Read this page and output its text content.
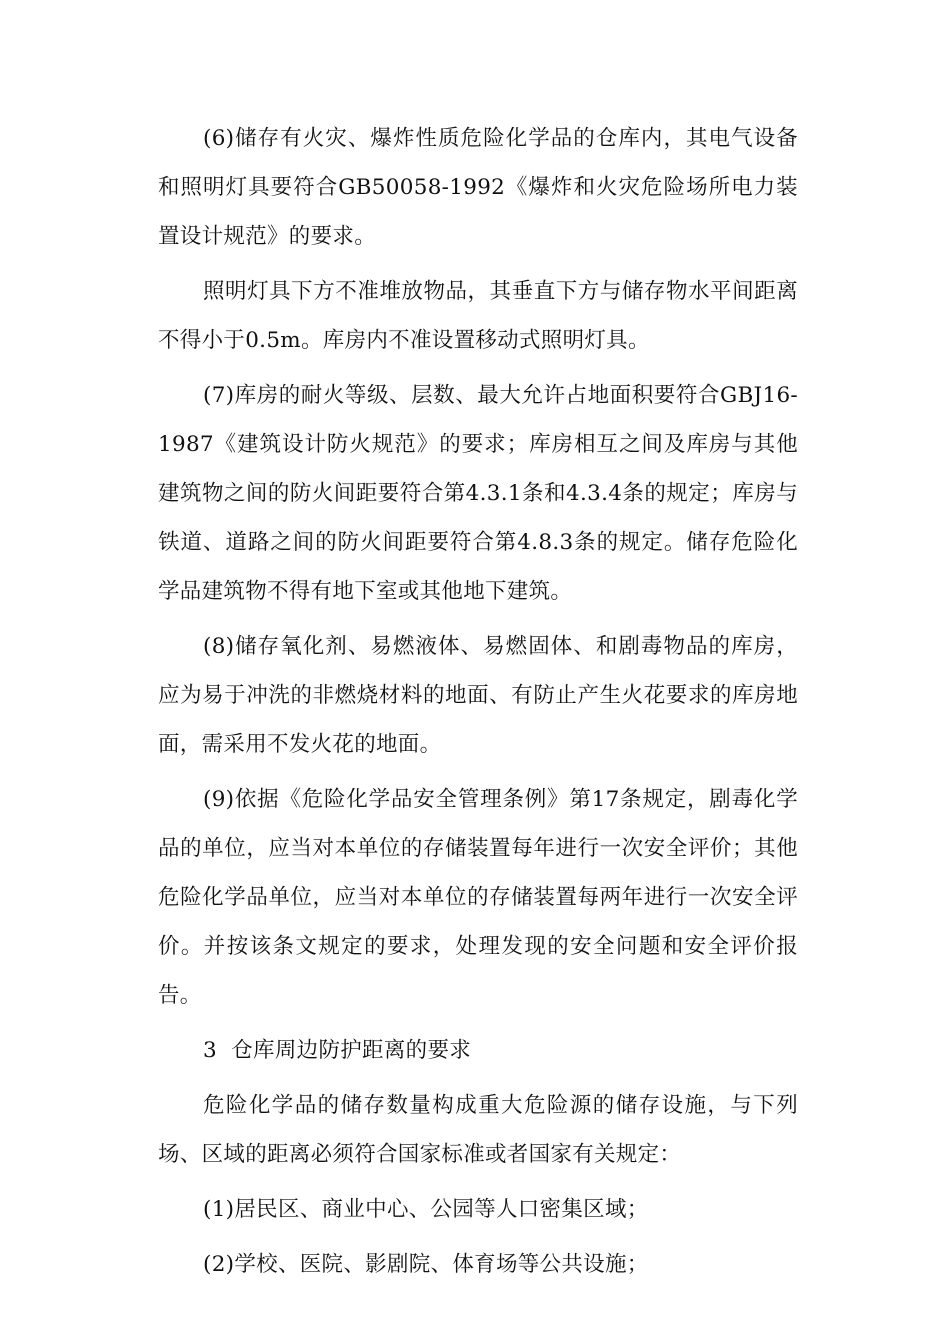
(6)储存有火灾、爆炸性质危险化学品的仓库内，其电气设备和照明灯具要符合GB50058-1992《爆炸和火灾危险场所电力装置设计规范》的要求。

照明灯具下方不准堆放物品，其垂直下方与储存物水平间距离不得小于0.5m。库房内不准设置移动式照明灯具。

(7)库房的耐火等级、层数、最大允许占地面积要符合GBJ16-1987《建筑设计防火规范》的要求；库房相互之间及库房与其他建筑物之间的防火间距要符合第4.3.1条和4.3.4条的规定；库房与铁道、道路之间的防火间距要符合第4.8.3条的规定。储存危险化学品建筑物不得有地下室或其他地下建筑。

(8)储存氧化剂、易燃液体、易燃固体、和剧毒物品的库房，应为易于冲洗的非燃烧材料的地面、有防止产生火花要求的库房地面，需采用不发火花的地面。

(9)依据《危险化学品安全管理条例》第17条规定，剧毒化学品的单位，应当对本单位的存储装置每年进行一次安全评价；其他危险化学品单位，应当对本单位的存储装置每两年进行一次安全评价。并按该条文规定的要求，处理发现的安全问题和安全评价报告。

3  仓库周边防护距离的要求

危险化学品的储存数量构成重大危险源的储存设施，与下列场、区域的距离必须符合国家标准或者国家有关规定：

(1)居民区、商业中心、公园等人口密集区域；

(2)学校、医院、影剧院、体育场等公共设施；
